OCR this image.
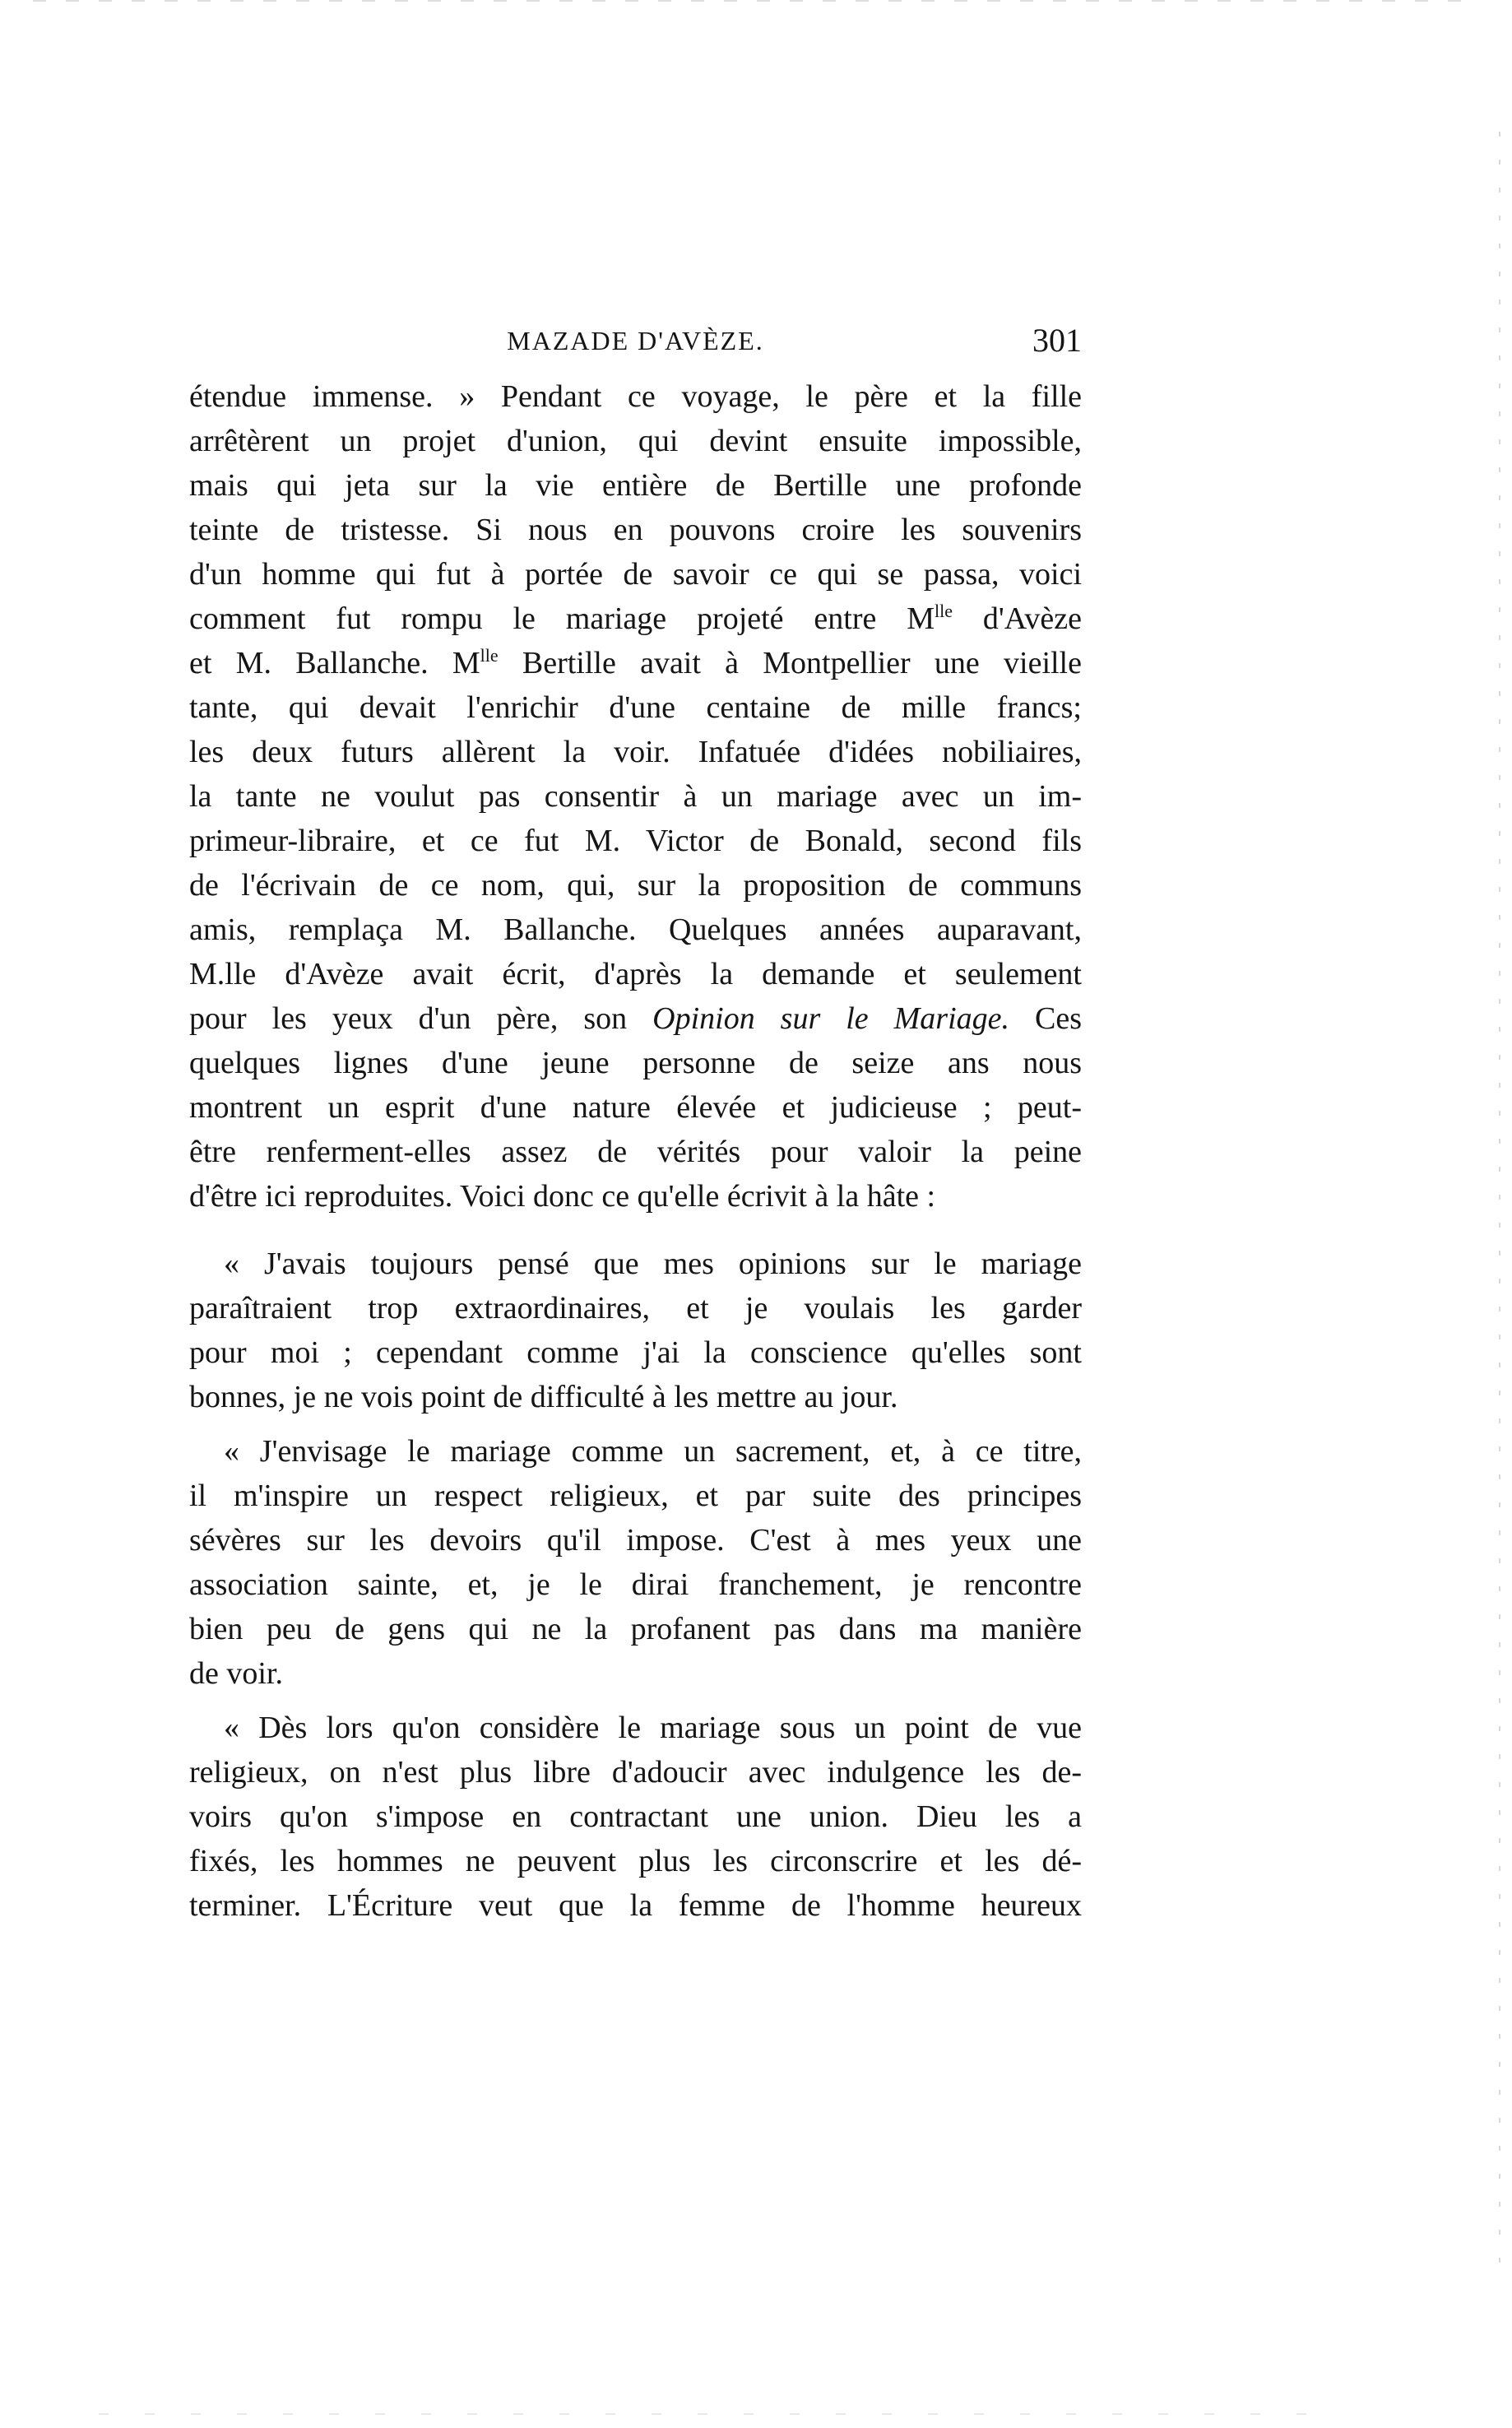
MAZADE D'AVÈZE.	301
étendue immense. » Pendant ce voyage, le père et la fille
arrêtèrent un projet d'union, qui devint ensuite impossible,
mais qui jeta sur la vie entière de Bertille une profonde
teinte de tristesse. Si nous en pouvons croire les souvenirs
d'un homme qui fut à portée de savoir ce qui se passa, voici
comment fut rompu le mariage projeté entre $M^{lle}$ d'Avèze
et M. Ballanche. $M^{lle}$ Bertille avait à Montpellier une vieille
tante, qui devait l'enrichir d'une centaine de mille francs;
les deux futurs allèrent la voir. Infatuée d'idées nobiliaires,
la tante ne voulut pas consentir à un mariage avec un im-
primeur-libraire, et ce fut M. Victor de Bonald, second fils
de l'écrivain de ce nom, qui, sur la proposition de communs
amis, remplaça M. Ballanche. Quelques années auparavant,
M.lle d'Avèze avait écrit, d'après la demande et seulement
pour les yeux d'un père, son Opinion sur le Mariage. Ces
quelques lignes d'une jeune personne de seize ans nous
montrent un esprit d'une nature élevée et judicieuse ; peut-
être renferment-elles assez de vérités pour valoir la peine
d'être ici reproduites. Voici donc ce qu'elle écrivit à la hâte :
« J'avais toujours pensé que mes opinions sur le mariage
paraîtraient trop extraordinaires, et je voulais les garder
pour moi ; cependant comme j'ai la conscience qu'elles sont
bonnes, je ne vois point de difficulté à les mettre au jour.
« J'envisage le mariage comme un sacrement, et, à ce titre,
il m'inspire un respect religieux, et par suite des principes
sévères sur les devoirs qu'il impose. C'est à mes yeux une
association sainte, et, je le dirai franchement, je rencontre
bien peu de gens qui ne la profanent pas dans ma manière
de voir.
« Dès lors qu'on considère le mariage sous un point de vue
religieux, on n'est plus libre d'adoucir avec indulgence les de-
voirs qu'on s'impose en contractant une union. Dieu les a
fixés, les hommes ne peuvent plus les circonscrire et les dé-
terminer. L'Écriture veut que la femme de l'homme heureux
